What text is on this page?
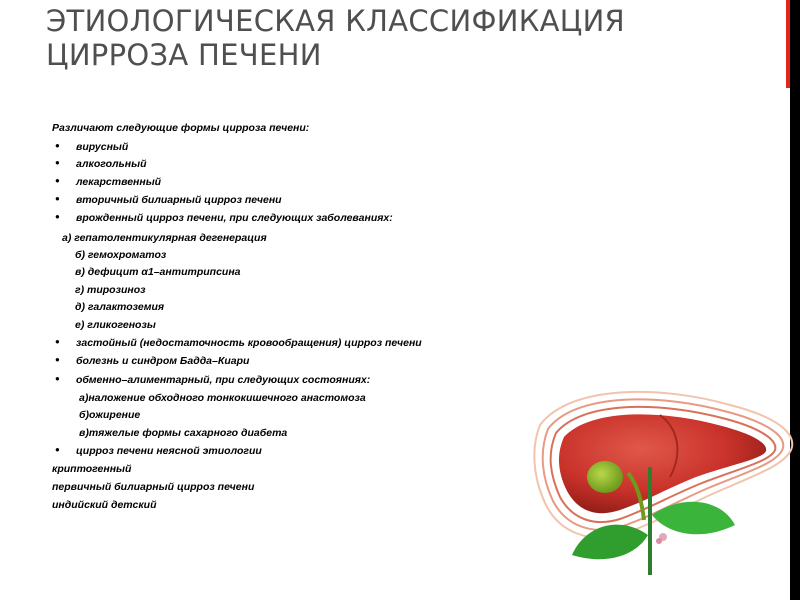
ЭТИОЛОГИЧЕСКАЯ КЛАССИФИКАЦИЯ
ЦИРРОЗА ПЕЧЕНИ
Различают следующие формы цирроза печени:
● вирусный
● алкогольный
● лекарственный
● вторичный билиарный цирроз печени
● врожденный цирроз печени, при следующих заболеваниях:
а) гепатолентикулярная дегенерация
б) гемохроматоз
в) дефицит α1–антитрипсина
г) тирозиноз
д) галактоземия
е) гликогенозы
● застойный (недостаточность кровообращения) цирроз печени
● болезнь и синдром Бадда–Киари
● обменно–алиментарный, при следующих состояниях:
а)наложение обходного тонкокишечного анастомоза
б)ожирение
в)тяжелые формы сахарного диабета
● цирроз печени неясной этиологии
криптогенный
первичный билиарный цирроз печени
индийский детский
